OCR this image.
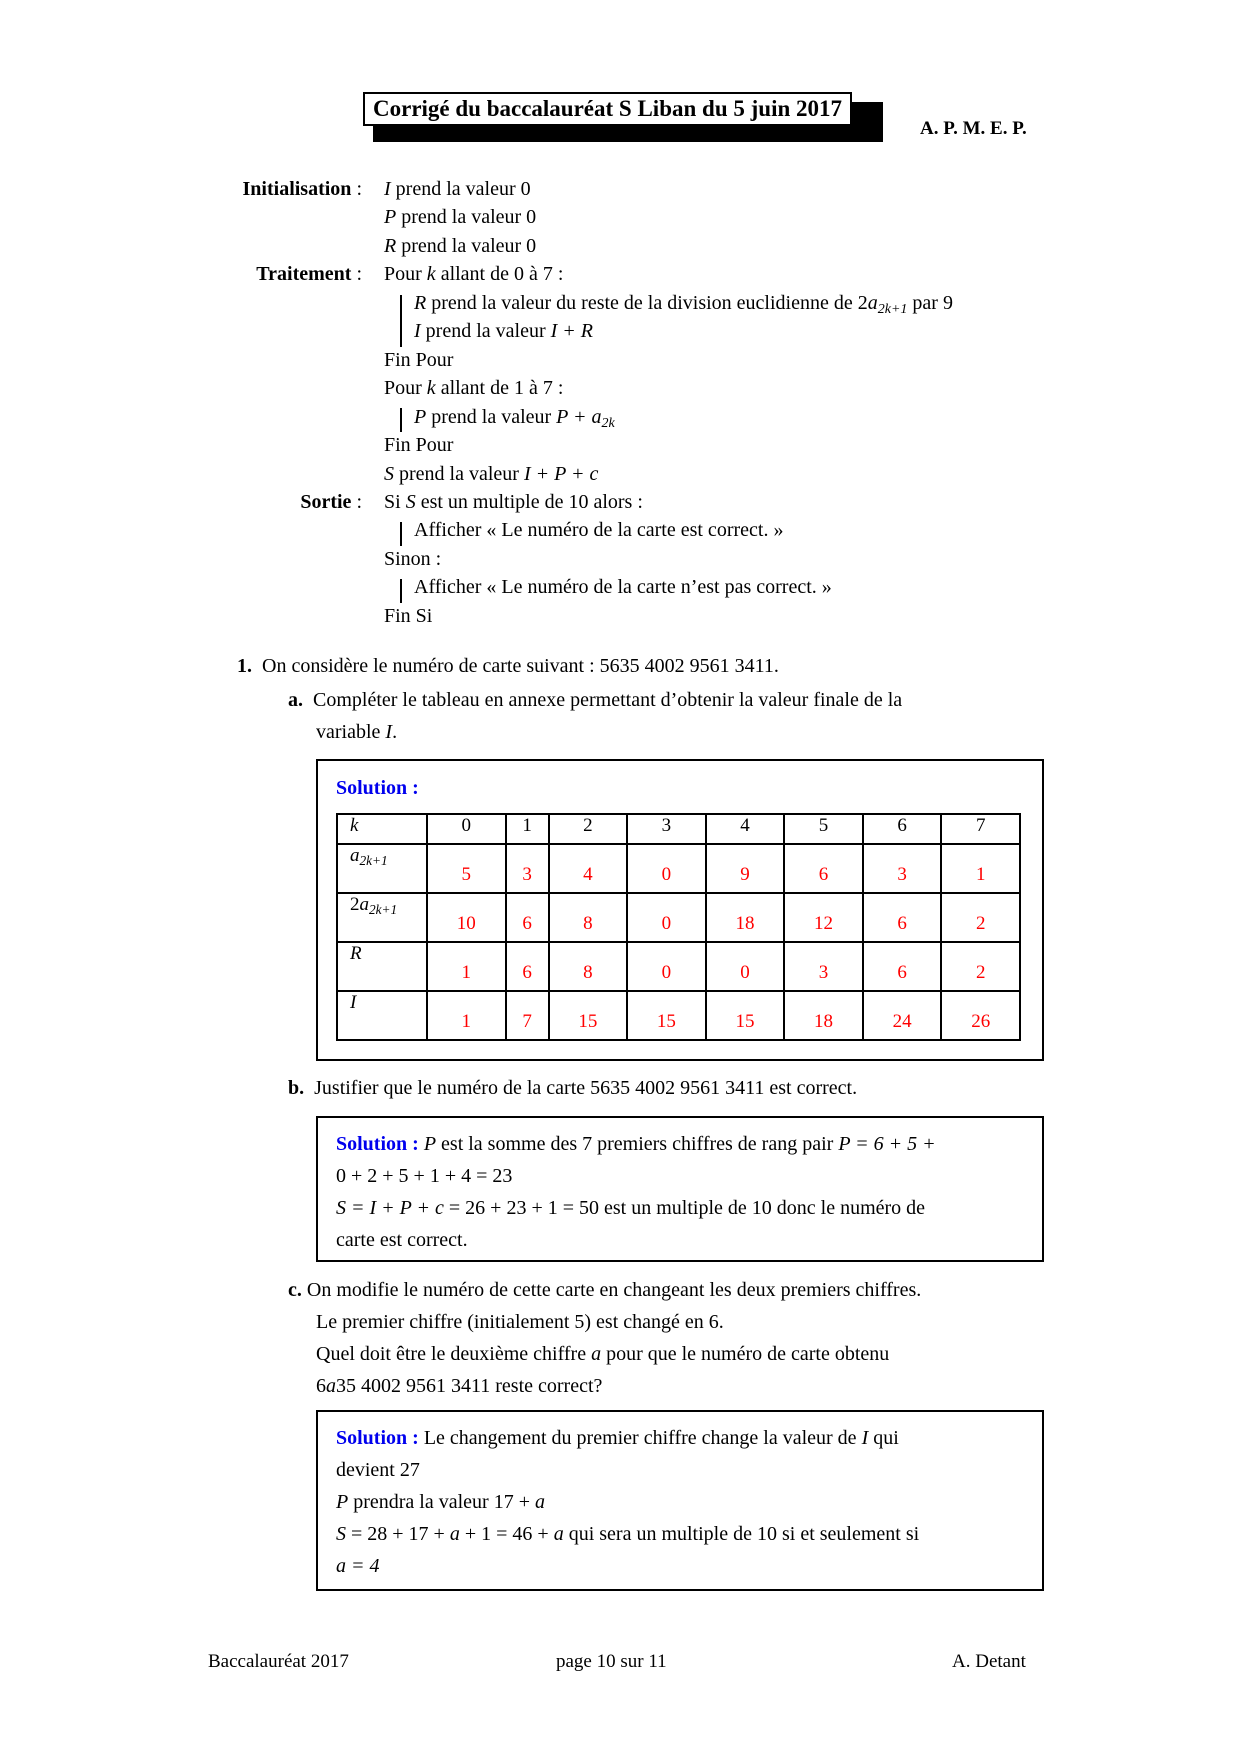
Corrigé du baccalauréat S Liban du 5 juin 2017
A. P. M. E. P.
Initialisation : I prend la valeur 0
P prend la valeur 0
R prend la valeur 0
Traitement : Pour k allant de 0 à 7 :
R prend la valeur du reste de la division euclidienne de $2a_{2k+1}$ par 9
I prend la valeur I + R
Fin Pour
Pour k allant de 1 à 7 :
P prend la valeur $P + a_{2k}$
Fin Pour
S prend la valeur I + P + c
Sortie : Si S est un multiple de 10 alors :
Afficher « Le numéro de la carte est correct. »
Sinon :
Afficher « Le numéro de la carte n’est pas correct. »
Fin Si
1. On considère le numéro de carte suivant : 5635 4002 9561 3411.
a. Compléter le tableau en annexe permettant d’obtenir la valeur finale de la
variable I.
Solution :
k	0	1	2	3	4	5	6	7
$a_{2k+1}$	5	3	4	0	9	6	3	1
$2a_{2k+1}$	10	6	8	0	18	12	6	2
R	1	6	8	0	0	3	6	2
I	1	7	15	15	15	18	24	26
b. Justifier que le numéro de la carte 5635 4002 9561 3411 est correct.
Solution : P est la somme des 7 premiers chiffres de rang pair P = 6 + 5 +
0 + 2 + 5 + 1 + 4 = 23
S = I + P + c = 26 + 23 + 1 = 50 est un multiple de 10 donc le numéro de
carte est correct.
c. On modifie le numéro de cette carte en changeant les deux premiers chiffres.
Le premier chiffre (initialement 5) est changé en 6.
Quel doit être le deuxième chiffre a pour que le numéro de carte obtenu
6a35 4002 9561 3411 reste correct?
Solution : Le changement du premier chiffre change la valeur de I qui
devient 27
P prendra la valeur 17 + a
S = 28 + 17 + a + 1 = 46 + a qui sera un multiple de 10 si et seulement si
a = 4
Baccalauréat 2017	page 10 sur 11	A. Detant
